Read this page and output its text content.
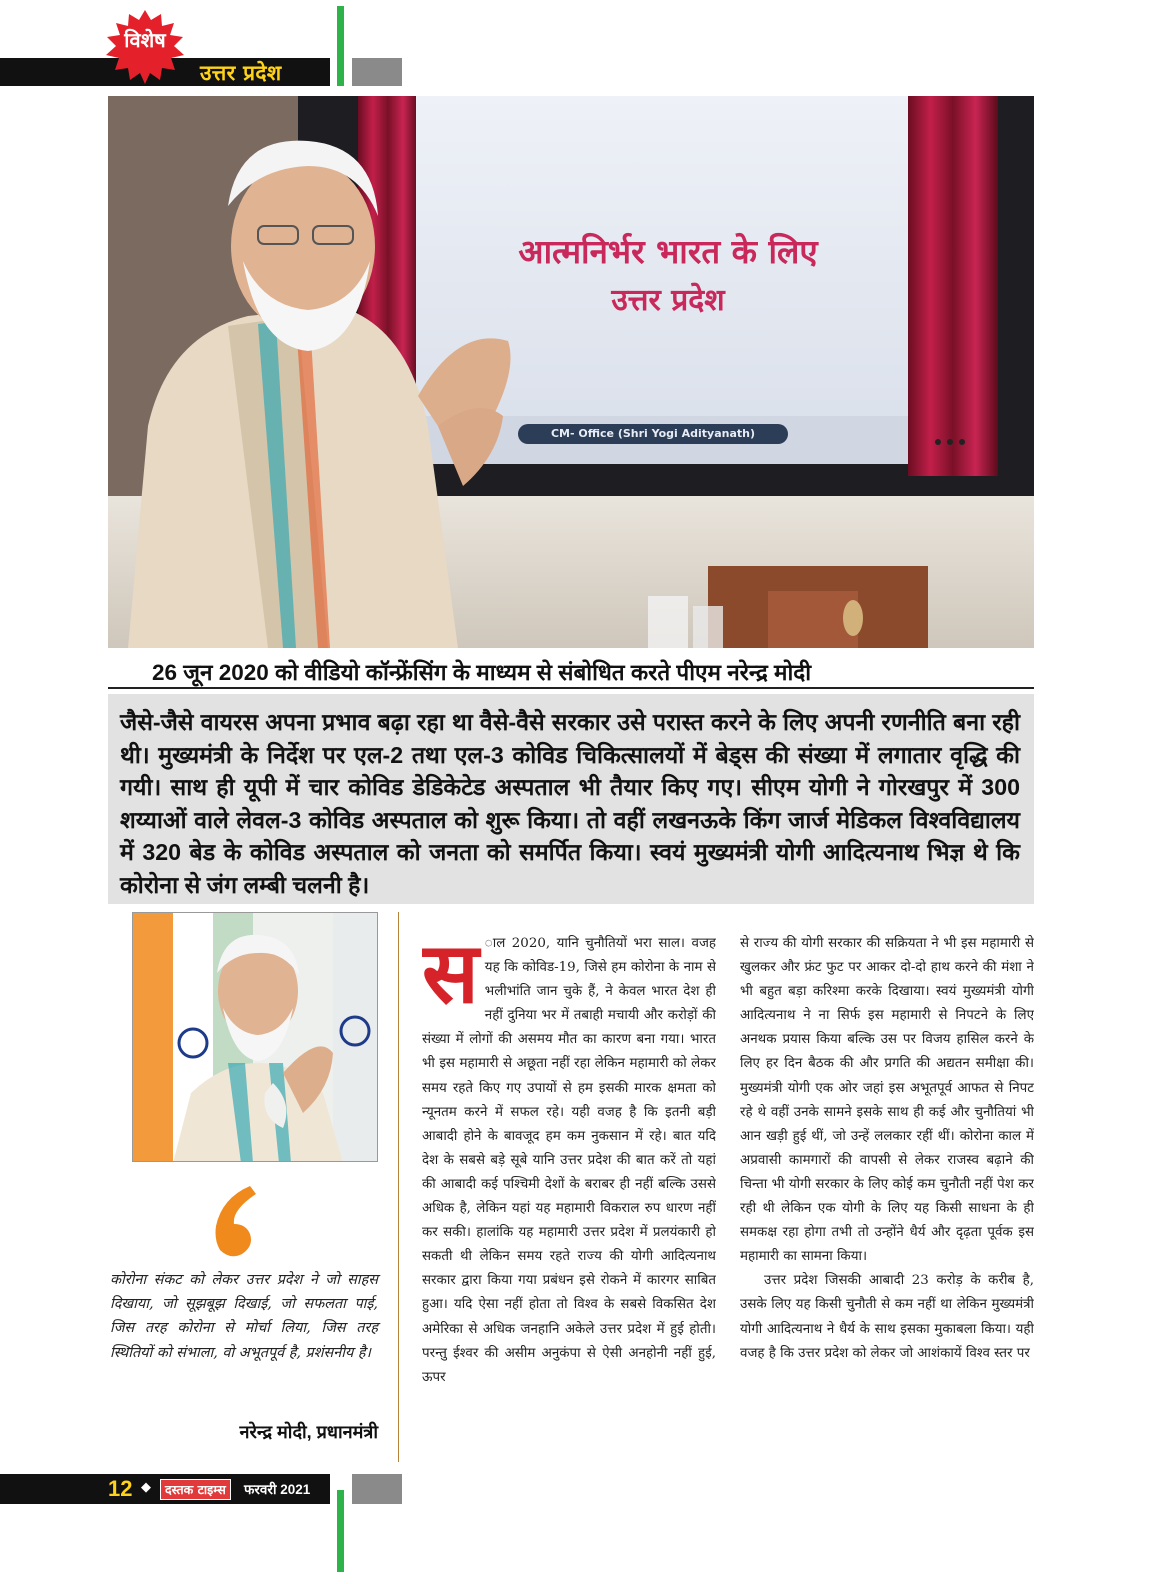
विशेष
उत्तर प्रदेश
आत्मनिर्भर भारत के लिए
उत्तर प्रदेश
CM- Office (Shri Yogi Adityanath)
26 जून 2020 को वीडियो कॉन्फ्रेंसिंग के माध्यम से संबोधित करते पीएम नरेन्द्र मोदी

जैसे-जैसे वायरस अपना प्रभाव बढ़ा रहा था वैसे-वैसे सरकार उसे परास्त करने के लिए अपनी रणनीति बना रही थी। मुख्यमंत्री के निर्देश पर एल-2 तथा एल-3 कोविड चिकित्सालयों में बेड्स की संख्या में लगातार वृद्धि की गयी। साथ ही यूपी में चार कोविड डेडिकेटेड अस्पताल भी तैयार किए गए। सीएम योगी ने गोरखपुर में 300 शय्याओं वाले लेवल-3 कोविड अस्पताल को शुरू किया। तो वहीं लखनऊके किंग जार्ज मेडिकल विश्वविद्यालय में 320 बेड के कोविड अस्पताल को जनता को समर्पित किया। स्वयं मुख्यमंत्री योगी आदित्यनाथ भिज्ञ थे कि कोरोना से जंग लम्बी चलनी है।

कोरोना संकट को लेकर उत्तर प्रदेश ने जो साहस दिखाया, जो सूझबूझ दिखाई, जो सफलता पाई, जिस तरह कोरोना से मोर्चा लिया, जिस तरह स्थितियों को संभाला, वो अभूतपूर्व है, प्रशंसनीय है।
नरेन्द्र मोदी, प्रधानमंत्री
स ाल 2020, यानि चुनौतियों भरा साल। वजह यह कि कोविड-19, जिसे हम कोरोना के नाम से भलीभांति जान चुके हैं, ने केवल भारत देश ही नहीं दुनिया भर में तबाही मचायी और करोड़ों की संख्या में लोगों की असमय मौत का कारण बना गया। भारत भी इस महामारी से अछूता नहीं रहा लेकिन महामारी को लेकर समय रहते किए गए उपायों से हम इसकी मारक क्षमता को न्यूनतम करने में सफल रहे। यही वजह है कि इतनी बड़ी आबादी होने के बावजूद हम कम नुकसान में रहे। बात यदि देश के सबसे बड़े सूबे यानि उत्तर प्रदेश की बात करें तो यहां की आबादी कई पश्चिमी देशों के बराबर ही नहीं बल्कि उससे अधिक है, लेकिन यहां यह महामारी विकराल रुप धारण नहीं कर सकी। हालांकि यह महामारी उत्तर प्रदेश में प्रलयंकारी हो सकती थी लेकिन समय रहते राज्य की योगी आदित्यनाथ सरकार द्वारा किया गया प्रबंधन इसे रोकने में कारगर साबित हुआ। यदि ऐसा नहीं होता तो विश्व के सबसे विकसित देश अमेरिका से अधिक जनहानि अकेले उत्तर प्रदेश में हुई होती। परन्तु ईश्वर की असीम अनुकंपा से ऐसी अनहोनी नहीं हुई, ऊपर

से राज्य की योगी सरकार की सक्रियता ने भी इस महामारी से खुलकर और फ्रंट फुट पर आकर दो-दो हाथ करने की मंशा ने भी बहुत बड़ा करिश्मा करके दिखाया। स्वयं मुख्यमंत्री योगी आदित्यनाथ ने ना सिर्फ इस महामारी से निपटने के लिए अनथक प्रयास किया बल्कि उस पर विजय हासिल करने के लिए हर दिन बैठक की और प्रगति की अद्यतन समीक्षा की। मुख्यमंत्री योगी एक ओर जहां इस अभूतपूर्व आफत से निपट रहे थे वहीं उनके सामने इसके साथ ही कई और चुनौतियां भी आन खड़ी हुई थीं, जो उन्हें ललकार रहीं थीं। कोरोना काल में अप्रवासी कामगारों की वापसी से लेकर राजस्व बढ़ाने की चिन्ता भी योगी सरकार के लिए कोई कम चुनौती नहीं पेश कर रही थी लेकिन एक योगी के लिए यह किसी साधना के ही समकक्ष रहा होगा तभी तो उन्होंने धैर्य और दृढ़ता पूर्वक इस महामारी का सामना किया।

उत्तर प्रदेश जिसकी आबादी 23 करोड़ के करीब है, उसके लिए यह किसी चुनौती से कम नहीं था लेकिन मुख्यमंत्री योगी आदित्यनाथ ने धैर्य के साथ इसका मुकाबला किया। यही वजह है कि उत्तर प्रदेश को लेकर जो आशंकायें विश्व स्तर पर

12 ◆	दस्तक टाइम्स	फरवरी 2021
